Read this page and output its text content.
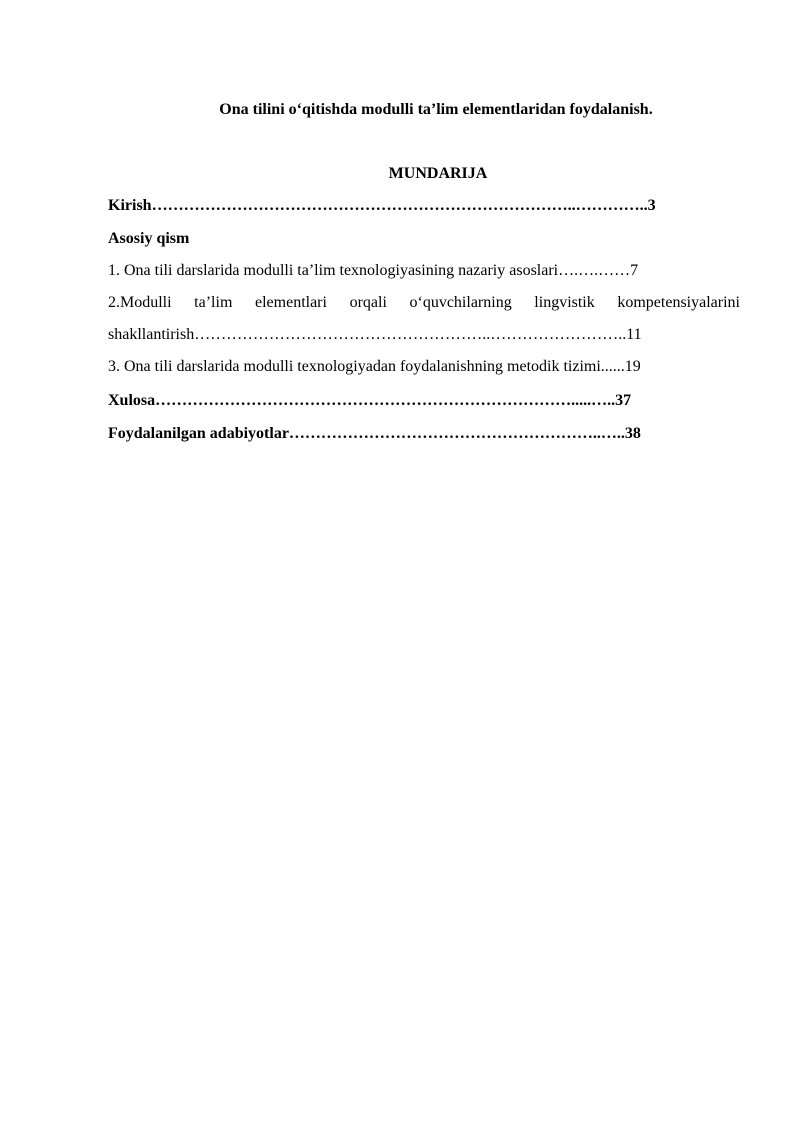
Ona tilini o‘qitishda modulli ta’lim elementlaridan foydalanish.
MUNDARIJA
Kirish……………………………………………………………………..…………..3
Asosiy qism
1. Ona tili darslarida modulli ta’lim texnologiyasining nazariy asoslari….….……7
2.Modulli ta’lim elementlari orqali o‘quvchilarning lingvistik kompetensiyalarini
shakllantirish………………………………………………..……………………..11
3. Ona tili darslarida modulli texnologiyadan foydalanishning metodik tizimi......19
Xulosa…………………………………………………………………….....…..37
Foydalanilgan adabiyotlar…………………………………………………..…..38
